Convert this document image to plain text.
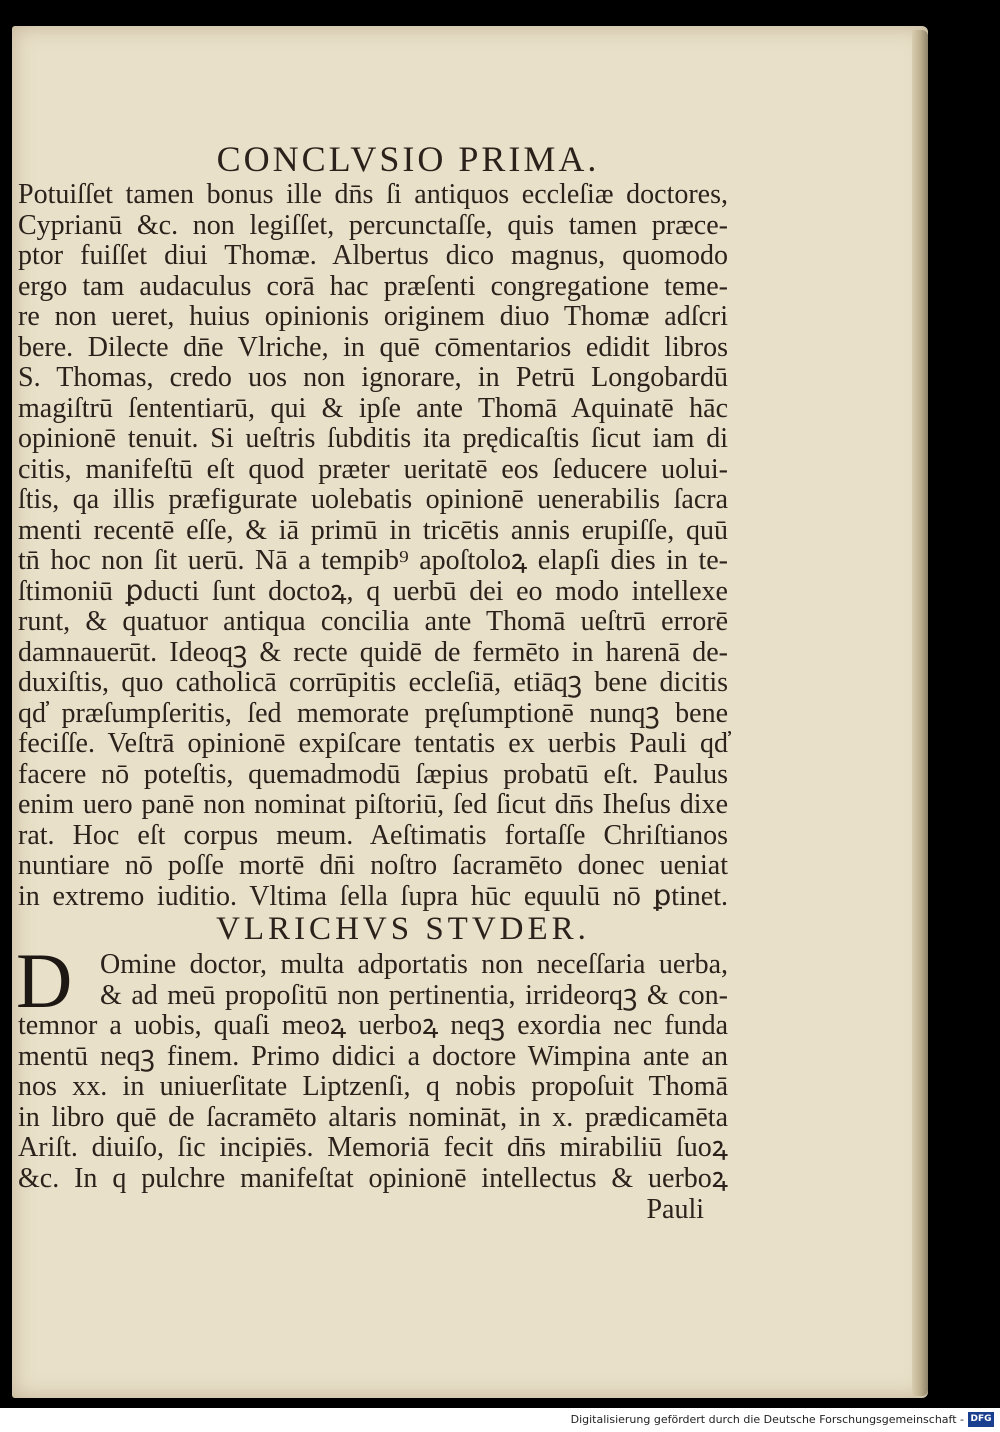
CONCLVSIO PRIMA.
Potuiſſet tamen bonus ille dn̄s ſi antiquos eccleſiæ doctores,
Cyprianū &c. non legiſſet, percunctaſſe, quis tamen præce-
ptor fuiſſet diui Thomæ. Albertus dico magnus, quomodo
ergo tam audaculus corā hac præſenti congregatione teme-
re non ueret, huius opinionis originem diuo Thomæ adſcri
bere. Dilecte dn̄e Vlriche, in quē cōmentarios edidit libros
S. Thomas, credo uos non ignorare, in Petrū Longobardū
magiſtrū ſententiarū, qui & ipſe ante Thomā Aquinatē hāc
opinionē tenuit. Si ueſtris ſubditis ita prędicaſtis ſicut iam di
citis, manifeſtū eſt quod præter ueritatē eos ſeducere uolui-
ſtis, qa illis præfigurate uolebatis opinionē uenerabilis ſacra
menti recentē eſſe, & iā primū in tricētis annis erupiſſe, quū
tn̄ hoc non ſit uerū. Nā a tempib⁹ apoſtoloꝝ elapſi dies in te-
ſtimoniū ꝑducti ſunt doctoꝝ, q uerbū dei eo modo intellexe
runt, & quatuor antiqua concilia ante Thomā ueſtrū errorē
damnauerūt. Ideoqꝫ & recte quidē de fermēto in harenā de-
duxiſtis, quo catholicā corrūpitis eccleſiā, etiāqꝫ bene dicitis
qd̕ præſumpſeritis, ſed memorate pręſumptionē nunqꝫ bene
feciſſe. Veſtrā opinionē expiſcare tentatis ex uerbis Pauli qd̕
facere nō poteſtis, quemadmodū ſæpius probatū eſt. Paulus
enim uero panē non nominat piſtoriū, ſed ſicut dn̄s Iheſus dixe
rat. Hoc eſt corpus meum. Aeſtimatis fortaſſe Chriſtianos
nuntiare nō poſſe mortē dn̄i noſtro ſacramēto donec ueniat
in extremo iuditio. Vltima ſella ſupra hūc equulū nō ꝑtinet.
VLRICHVS STVDER.
D Omine doctor, multa adportatis non neceſſaria uerba,
& ad meū propoſitū non pertinentia, irrideorqꝫ & con-
temnor a uobis, quaſi meoꝝ uerboꝝ neqꝫ exordia nec funda
mentū neqꝫ finem. Primo didici a doctore Wimpina ante an
nos xx. in uniuerſitate Liptzenſi, q nobis propoſuit Thomā
in libro quē de ſacramēto altaris nomināt, in x. prædicamēta
Ariſt. diuiſo, ſic incipiēs. Memoriā fecit dn̄s mirabiliū ſuoꝝ
&c. In q pulchre manifeſtat opinionē intellectus & uerboꝝ
Pauli
Digitalisierung gefördert durch die Deutsche Forschungsgemeinschaft - DFG
